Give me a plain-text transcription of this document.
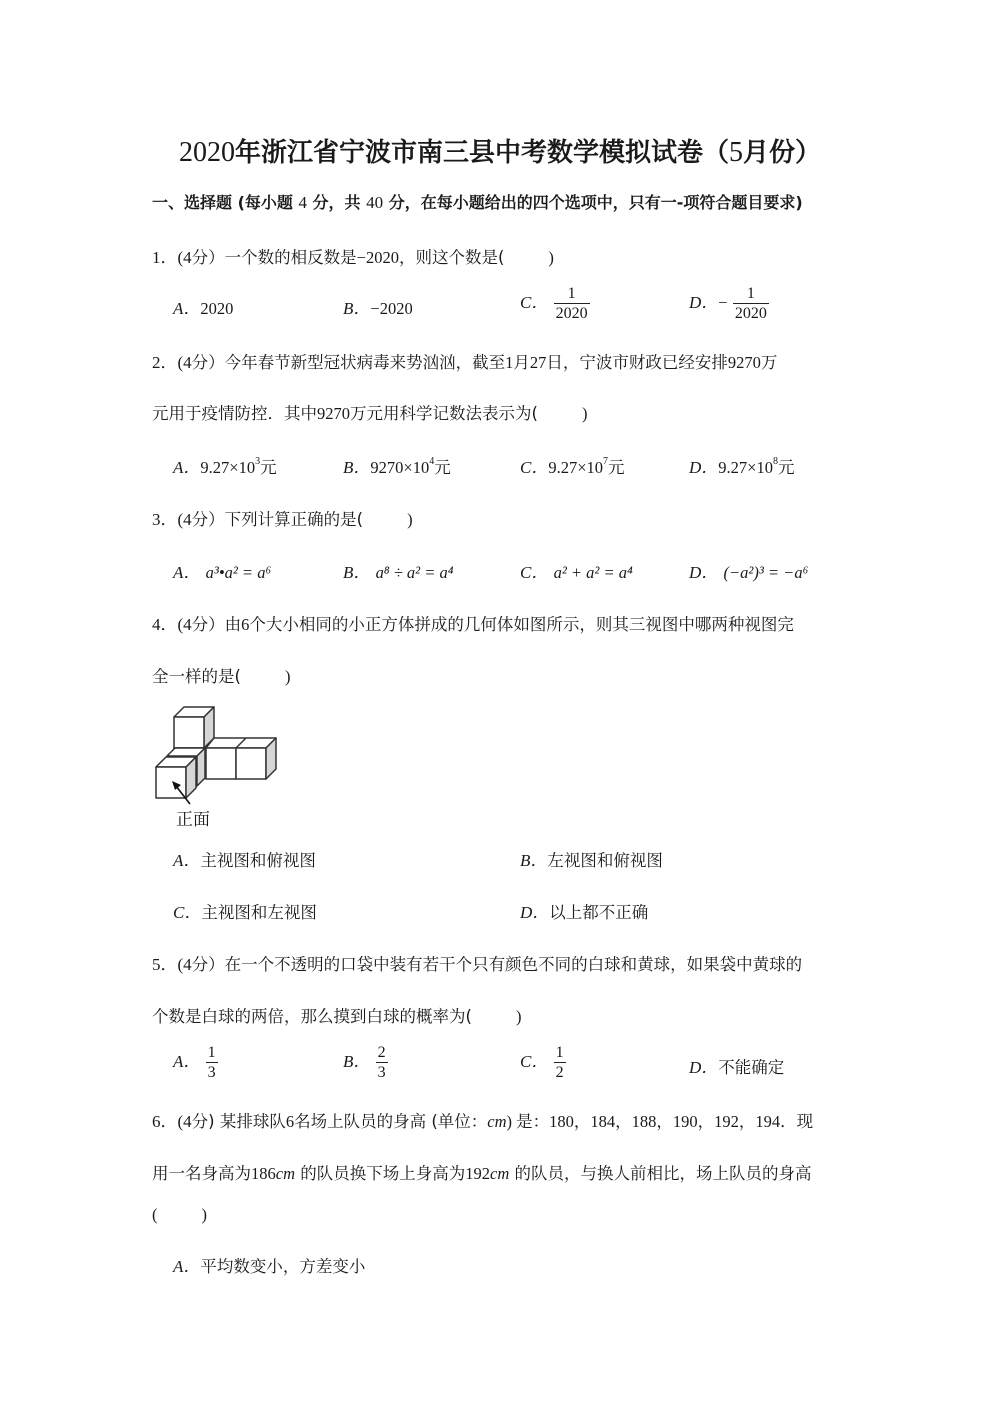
2020年浙江省宁波市南三县中考数学模拟试卷（5月份）
一、选择题 (每小题 4 分，共 40 分，在每小题给出的四个选项中，只有一-项符合题目要求)
1．(4分）一个数的相反数是−2020，则这个数是(	)
A．2020	B．−2020	C． $\frac{1}{2020}$	D．− $\frac{1}{2020}$
2．(4分）今年春节新型冠状病毒来势汹汹，截至1月27日，宁波市财政已经安排9270万
元用于疫情防控．其中9270万元用科学记数法表示为(	)
A．$9.27\times 10^3$元	B．$9270\times 10^4$元	C．$9.27\times 10^7$元	D．$9.27\times 10^8$元
3．(4分）下列计算正确的是(	)
A． a³•a² = a⁶	B． a⁸ ÷ a² = a⁴	C． a² + a² = a⁴	D． (−a²)³ = −a⁶
4．(4分）由6个大小相同的小正方体拼成的几何体如图所示，则其三视图中哪两种视图完
全一样的是(	)
正面
A．主视图和俯视图	B．左视图和俯视图
C．主视图和左视图	D．以上都不正确
5．(4分）在一个不透明的口袋中装有若干个只有颜色不同的白球和黄球，如果袋中黄球的
个数是白球的两倍，那么摸到白球的概率为(	)
A． $\frac{1}{3}$	B． $\frac{2}{3}$	C． $\frac{1}{2}$	D．不能确定
6．(4分) 某排球队6名场上队员的身高 (单位：cm) 是：180，184，188，190，192，194．现
用一名身高为186cm 的队员换下场上身高为192cm 的队员，与换人前相比，场上队员的身高
(	)
A．平均数变小，方差变小
